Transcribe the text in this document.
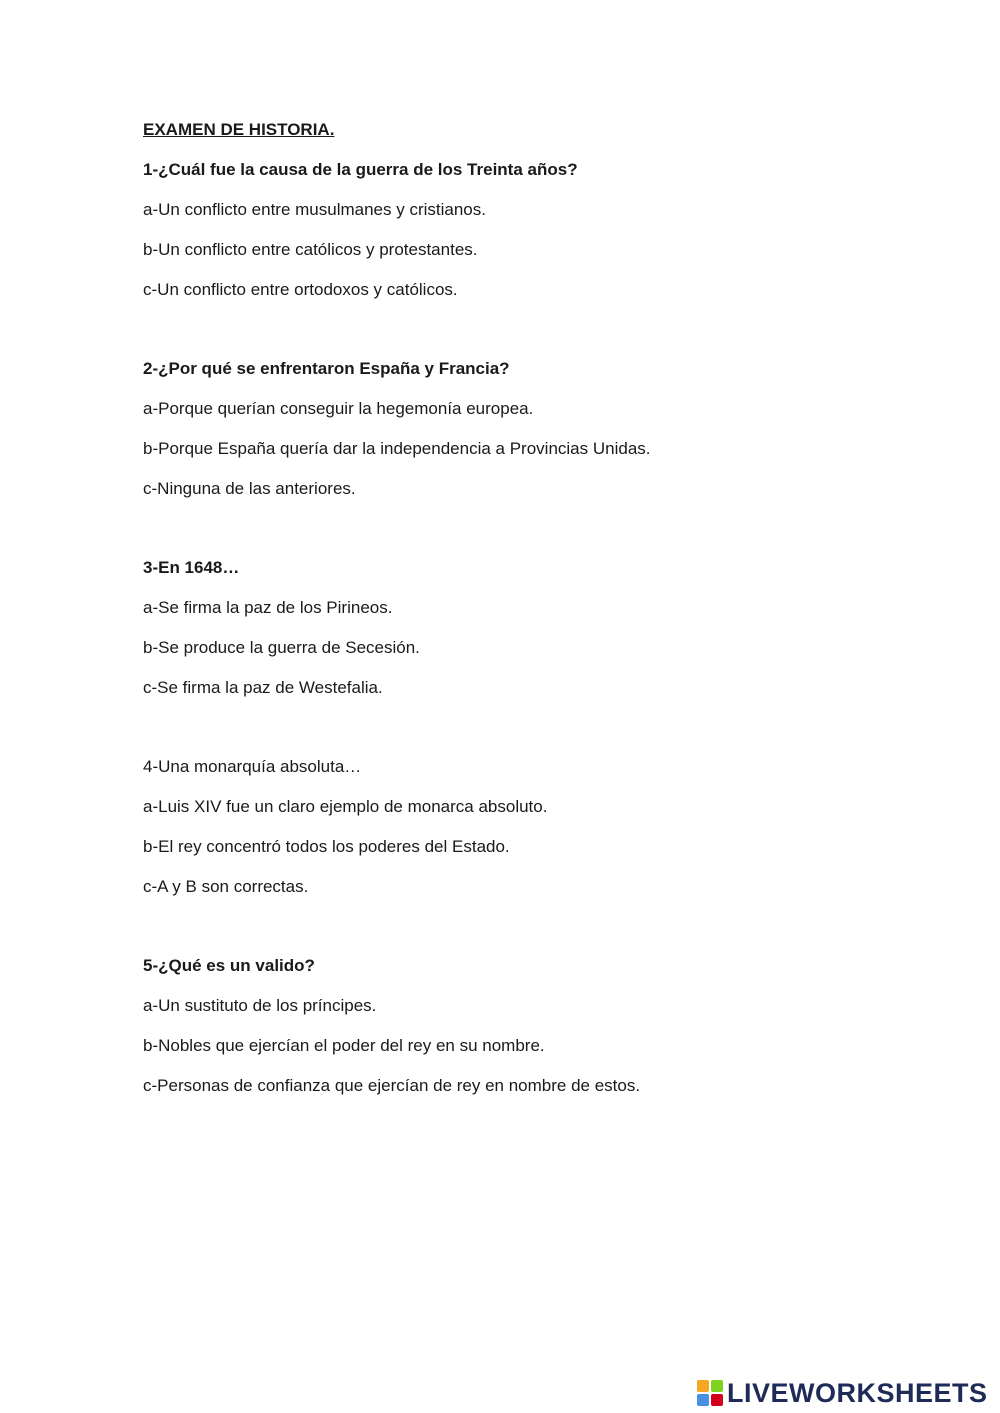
EXAMEN DE HISTORIA.
1-¿Cuál fue la causa de la guerra de los Treinta años?
a-Un conflicto entre musulmanes y cristianos.
b-Un conflicto entre católicos y protestantes.
c-Un conflicto entre ortodoxos y católicos.
2-¿Por qué se enfrentaron España y Francia?
a-Porque querían conseguir la hegemonía europea.
b-Porque España quería dar la independencia a Provincias Unidas.
c-Ninguna de las anteriores.
3-En 1648…
a-Se firma la paz de los Pirineos.
b-Se produce la guerra de Secesión.
c-Se firma la paz de Westefalia.
4-Una monarquía absoluta…
a-Luis XIV fue un claro ejemplo de monarca absoluto.
b-El rey concentró todos los poderes del Estado.
c-A y B son correctas.
5-¿Qué es un valido?
a-Un sustituto de los príncipes.
b-Nobles que ejercían el poder del rey en su nombre.
c-Personas de confianza que ejercían de rey en nombre de estos.
LIVEWORKSHEETS
